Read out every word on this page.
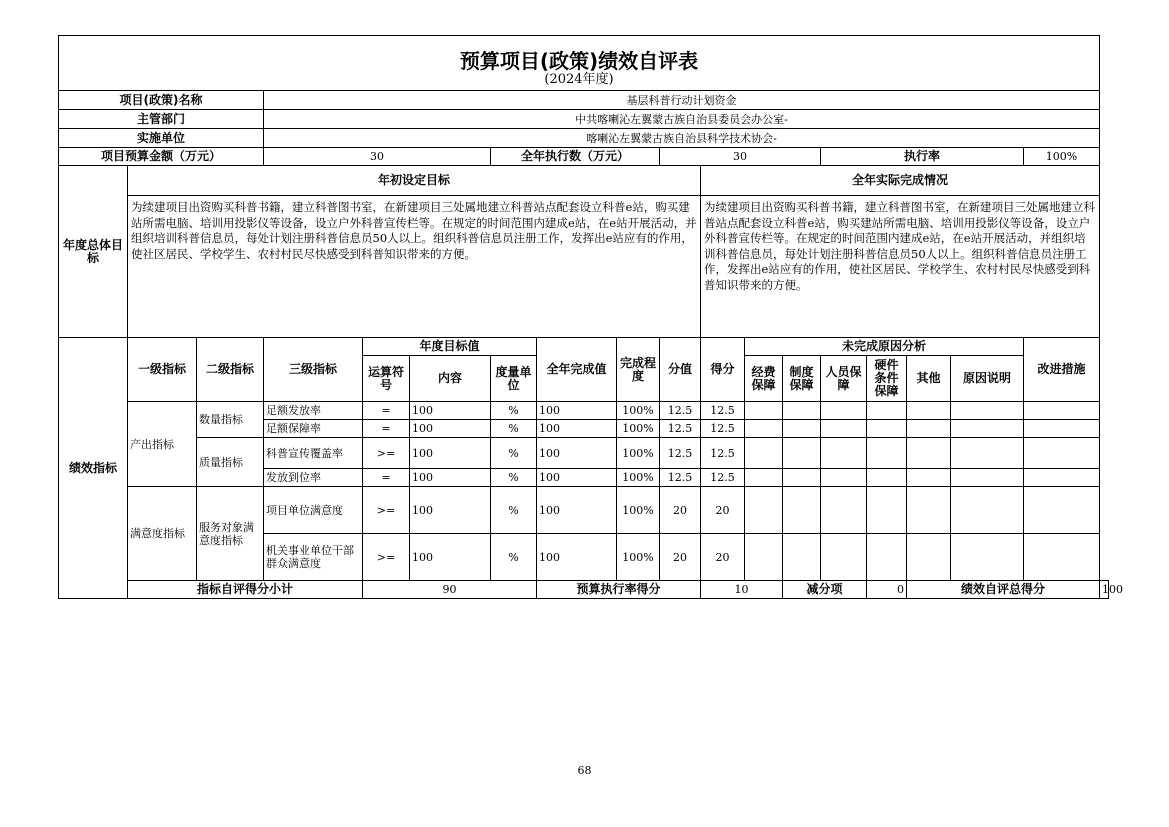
预算项目(政策)绩效自评表																		
(2024年度)																		
项目(政策)名称			基层科普行动计划资金															
主管部门			中共喀喇沁左翼蒙古族自治县委员会办公室-															
实施单位			喀喇沁左翼蒙古族自治县科学技术协会-															
项目预算金额（万元）			30			全年执行数（万元）			30				执行率				100%	
年度总体目标	年初设定目标									全年实际完成情况								
	为续建项目出资购买科普书籍，建立科普图书室，在新建项目三处属地建立科普站点配套设立科普e站，购买建站所需电脑、培训用投影仪等设备，设立户外科普宣传栏等。在规定的时间范围内建成e站，在e站开展活动，并组织培训科普信息员，每处计划注册科普信息员50人以上。组织科普信息员注册工作，发挥出e站应有的作用，使社区居民、学校学生、农村村民尽快感受到科普知识带来的方便。									为续建项目出资购买科普书籍，建立科普图书室，在新建项目三处属地建立科普站点配套设立科普e站，购买建站所需电脑、培训用投影仪等设备，设立户外科普宣传栏等。在规定的时间范围内建成e站，在e站开展活动，并组织培训科普信息员，每处计划注册科普信息员50人以上。组织科普信息员注册工作，发挥出e站应有的作用，使社区居民、学校学生、农村村民尽快感受到科普知识带来的方便。								
绩效指标	一级指标	二级指标	三级指标	年度目标值			全年完成值	完成程度	分值	得分	未完成原因分析						改进措施	
				运算符号	内容	度量单位					经费保障	制度保障	人员保障	硬件条件保障	其他	原因说明		
	产出指标	数量指标	足额发放率	=	100	%	100	100%	12.5	12.5								
			足额保障率	=	100	%	100	100%	12.5	12.5								
		质量指标	科普宣传覆盖率	>=	100	%	100	100%	12.5	12.5								
			发放到位率	=	100	%	100	100%	12.5	12.5								
	满意度指标	服务对象满意度指标	项目单位满意度	>=	100	%	100	100%	20	20								
			机关事业单位干部群众满意度	>=	100	%	100	100%	20	20								
	指标自评得分小计			90			预算执行率得分			10		减分项		0	绩效自评总得分			100
68
